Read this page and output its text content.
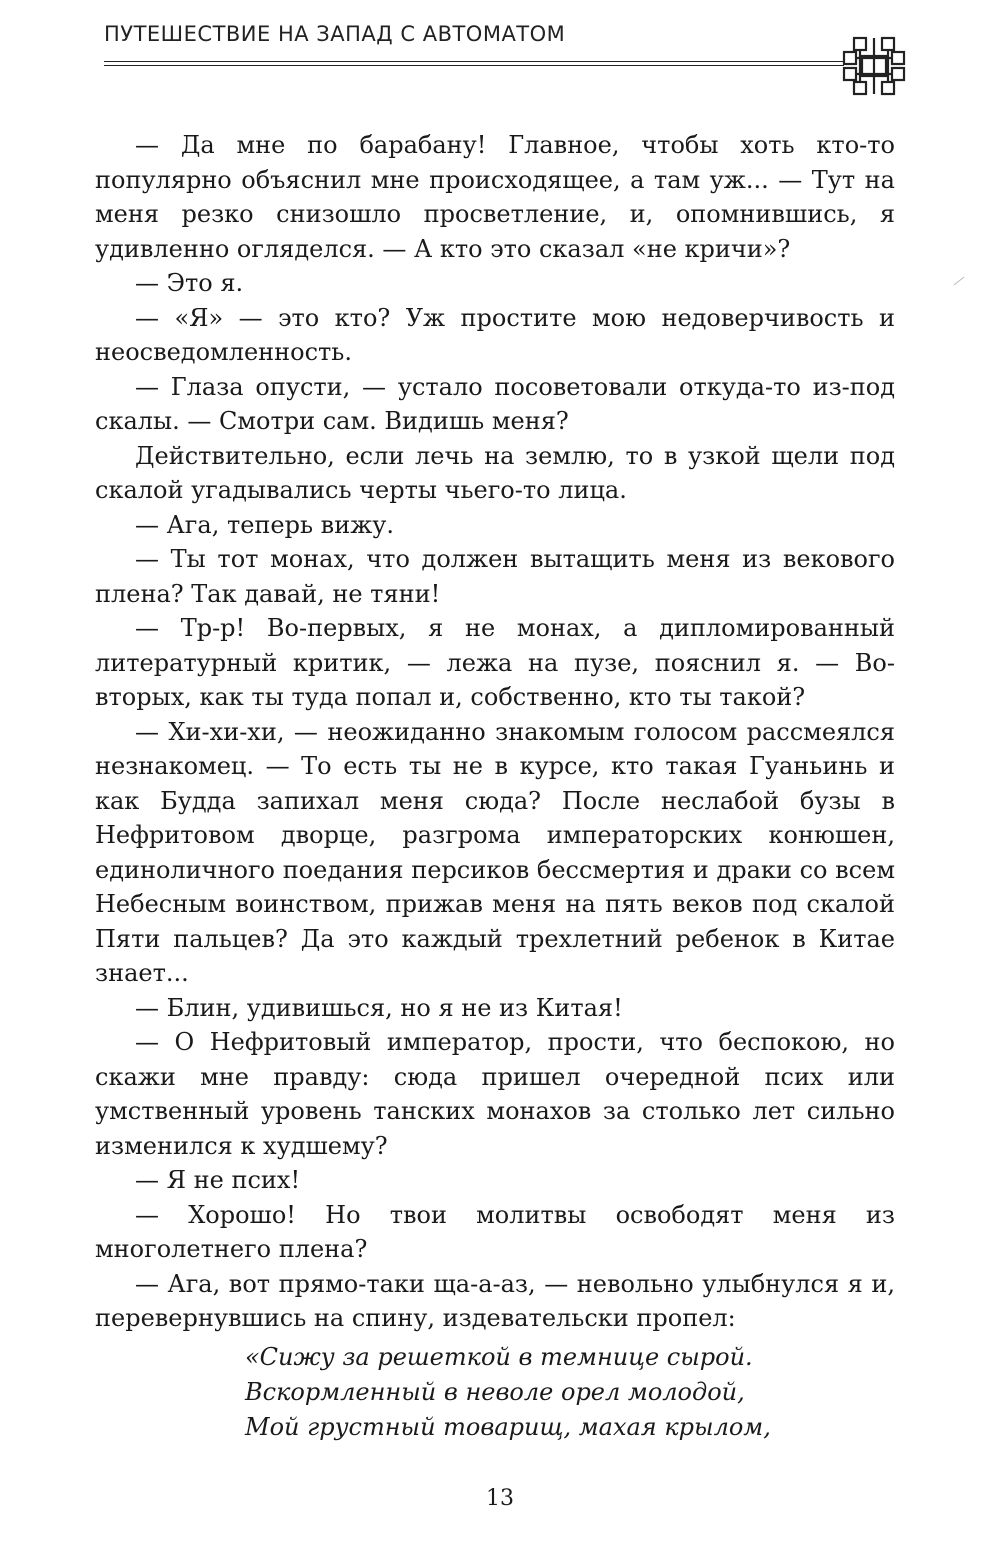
ПУТЕШЕСТВИЕ НА ЗАПАД С АВТОМАТОМ

— Да мне по барабану! Главное, чтобы хоть кто-то популярно объяснил мне происходящее, а там уж... — Тут на меня резко снизошло просветление, и, опомнившись, я удивленно огляделся. — А кто это сказал «не кричи»?

— Это я.

— «Я» — это кто? Уж простите мою недоверчивость и неосведомленность.

— Глаза опусти, — устало посоветовали откуда-то из-под скалы. — Смотри сам. Видишь меня?

Действительно, если лечь на землю, то в узкой щели под скалой угадывались черты чьего-то лица.

— Ага, теперь вижу.

— Ты тот монах, что должен вытащить меня из векового плена? Так давай, не тяни!

— Тр-р! Во-первых, я не монах, а дипломированный литературный критик, — лежа на пузе, пояснил я. — Во-вторых, как ты туда попал и, собственно, кто ты такой?

— Хи-хи-хи, — неожиданно знакомым голосом рассмеялся незнакомец. — То есть ты не в курсе, кто такая Гуаньинь и как Будда запихал меня сюда? После неслабой бузы в Нефритовом дворце, разгрома императорских конюшен, единоличного поедания персиков бессмертия и драки со всем Небесным воинством, прижав меня на пять веков под скалой Пяти пальцев? Да это каждый трехлетний ребенок в Китае знает...

— Блин, удивишься, но я не из Китая!

— О Нефритовый император, прости, что беспокою, но скажи мне правду: сюда пришел очередной псих или умственный уровень танских монахов за столько лет сильно изменился к худшему?

— Я не псих!

— Хорошо! Но твои молитвы освободят меня из многолетнего плена?

— Ага, вот прямо-таки ща-а-аз, — невольно улыбнулся я и, перевернувшись на спину, издевательски пропел:

«Сижу за решеткой в темнице сырой.
Вскормленный в неволе орел молодой,
Мой грустный товарищ, махая крылом,
13
